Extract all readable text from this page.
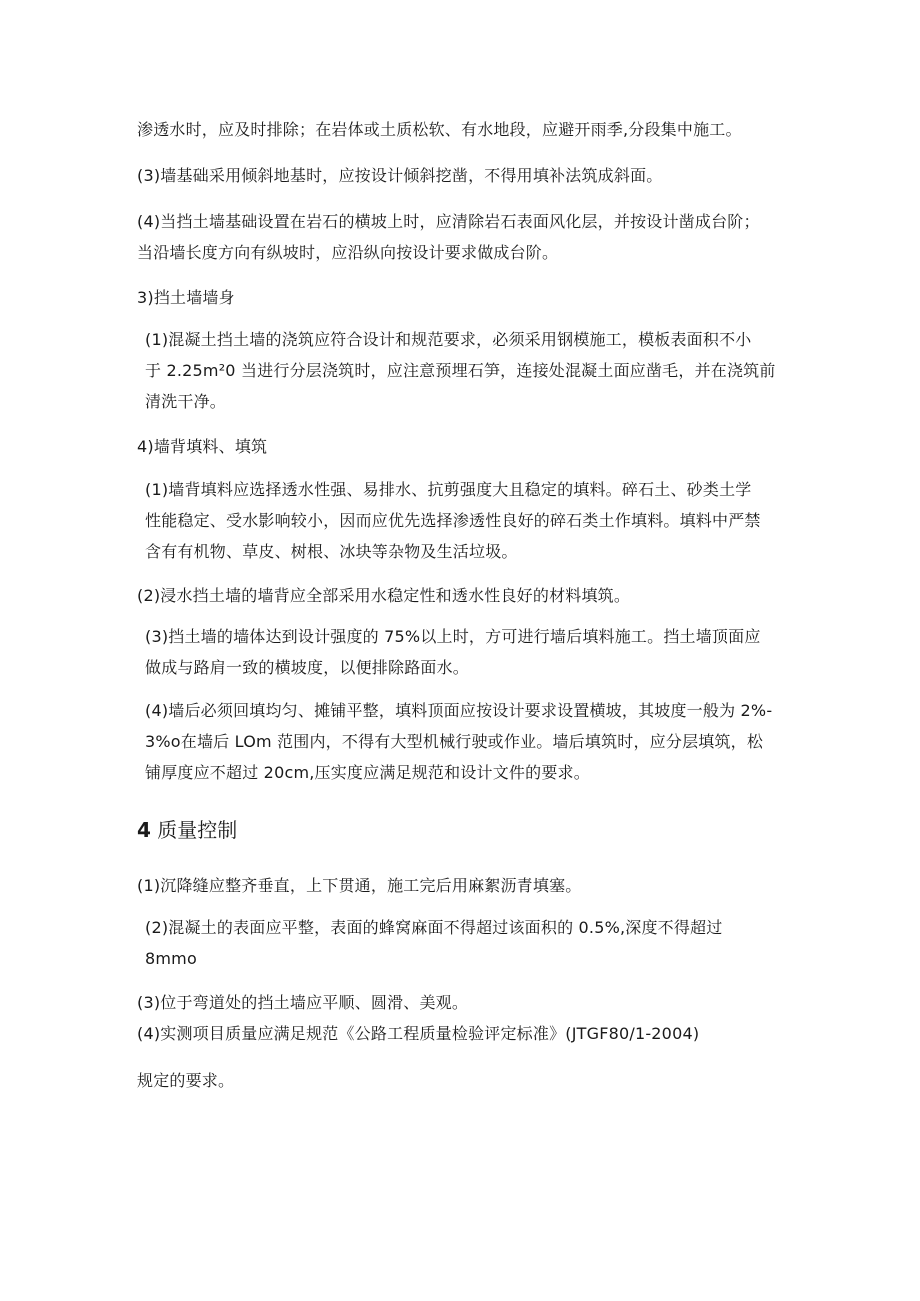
渗透水时，应及时排除；在岩体或土质松软、有水地段，应避开雨季,分段集中施工。
(3)墙基础采用倾斜地基时，应按设计倾斜挖凿，不得用填补法筑成斜面。
(4)当挡土墙基础设置在岩石的横坡上时，应清除岩石表面风化层，并按设计凿成台阶；
当沿墙长度方向有纵坡时，应沿纵向按设计要求做成台阶。
3)挡土墙墙身
(1)混凝土挡土墙的浇筑应符合设计和规范要求，必须采用钢模施工，模板表面积不小
于 2.25m²0 当进行分层浇筑时，应注意预埋石笋，连接处混凝土面应凿毛，并在浇筑前
清洗干净。
4)墙背填料、填筑
(1)墙背填料应选择透水性强、易排水、抗剪强度大且稳定的填料。碎石土、砂类土学
性能稳定、受水影响较小，因而应优先选择渗透性良好的碎石类土作填料。填料中严禁
含有有机物、草皮、树根、冰块等杂物及生活垃圾。
(2)浸水挡土墙的墙背应全部采用水稳定性和透水性良好的材料填筑。
(3)挡土墙的墙体达到设计强度的 75%以上时，方可进行墙后填料施工。挡土墙顶面应
做成与路肩一致的横坡度，以便排除路面水。
(4)墙后必须回填均匀、摊铺平整，填料顶面应按设计要求设置横坡，其坡度一般为 2%-
3%o在墙后 LOm 范围内，不得有大型机械行驶或作业。墙后填筑时，应分层填筑，松
铺厚度应不超过 20cm,压实度应满足规范和设计文件的要求。
4 质量控制
(1)沉降缝应整齐垂直，上下贯通，施工完后用麻絮沥青填塞。
(2)混凝土的表面应平整，表面的蜂窝麻面不得超过该面积的 0.5%,深度不得超过
8mmo
(3)位于弯道处的挡土墙应平顺、圆滑、美观。
(4)实测项目质量应满足规范《公路工程质量检验评定标准》(JTGF80/1-2004)
规定的要求。
